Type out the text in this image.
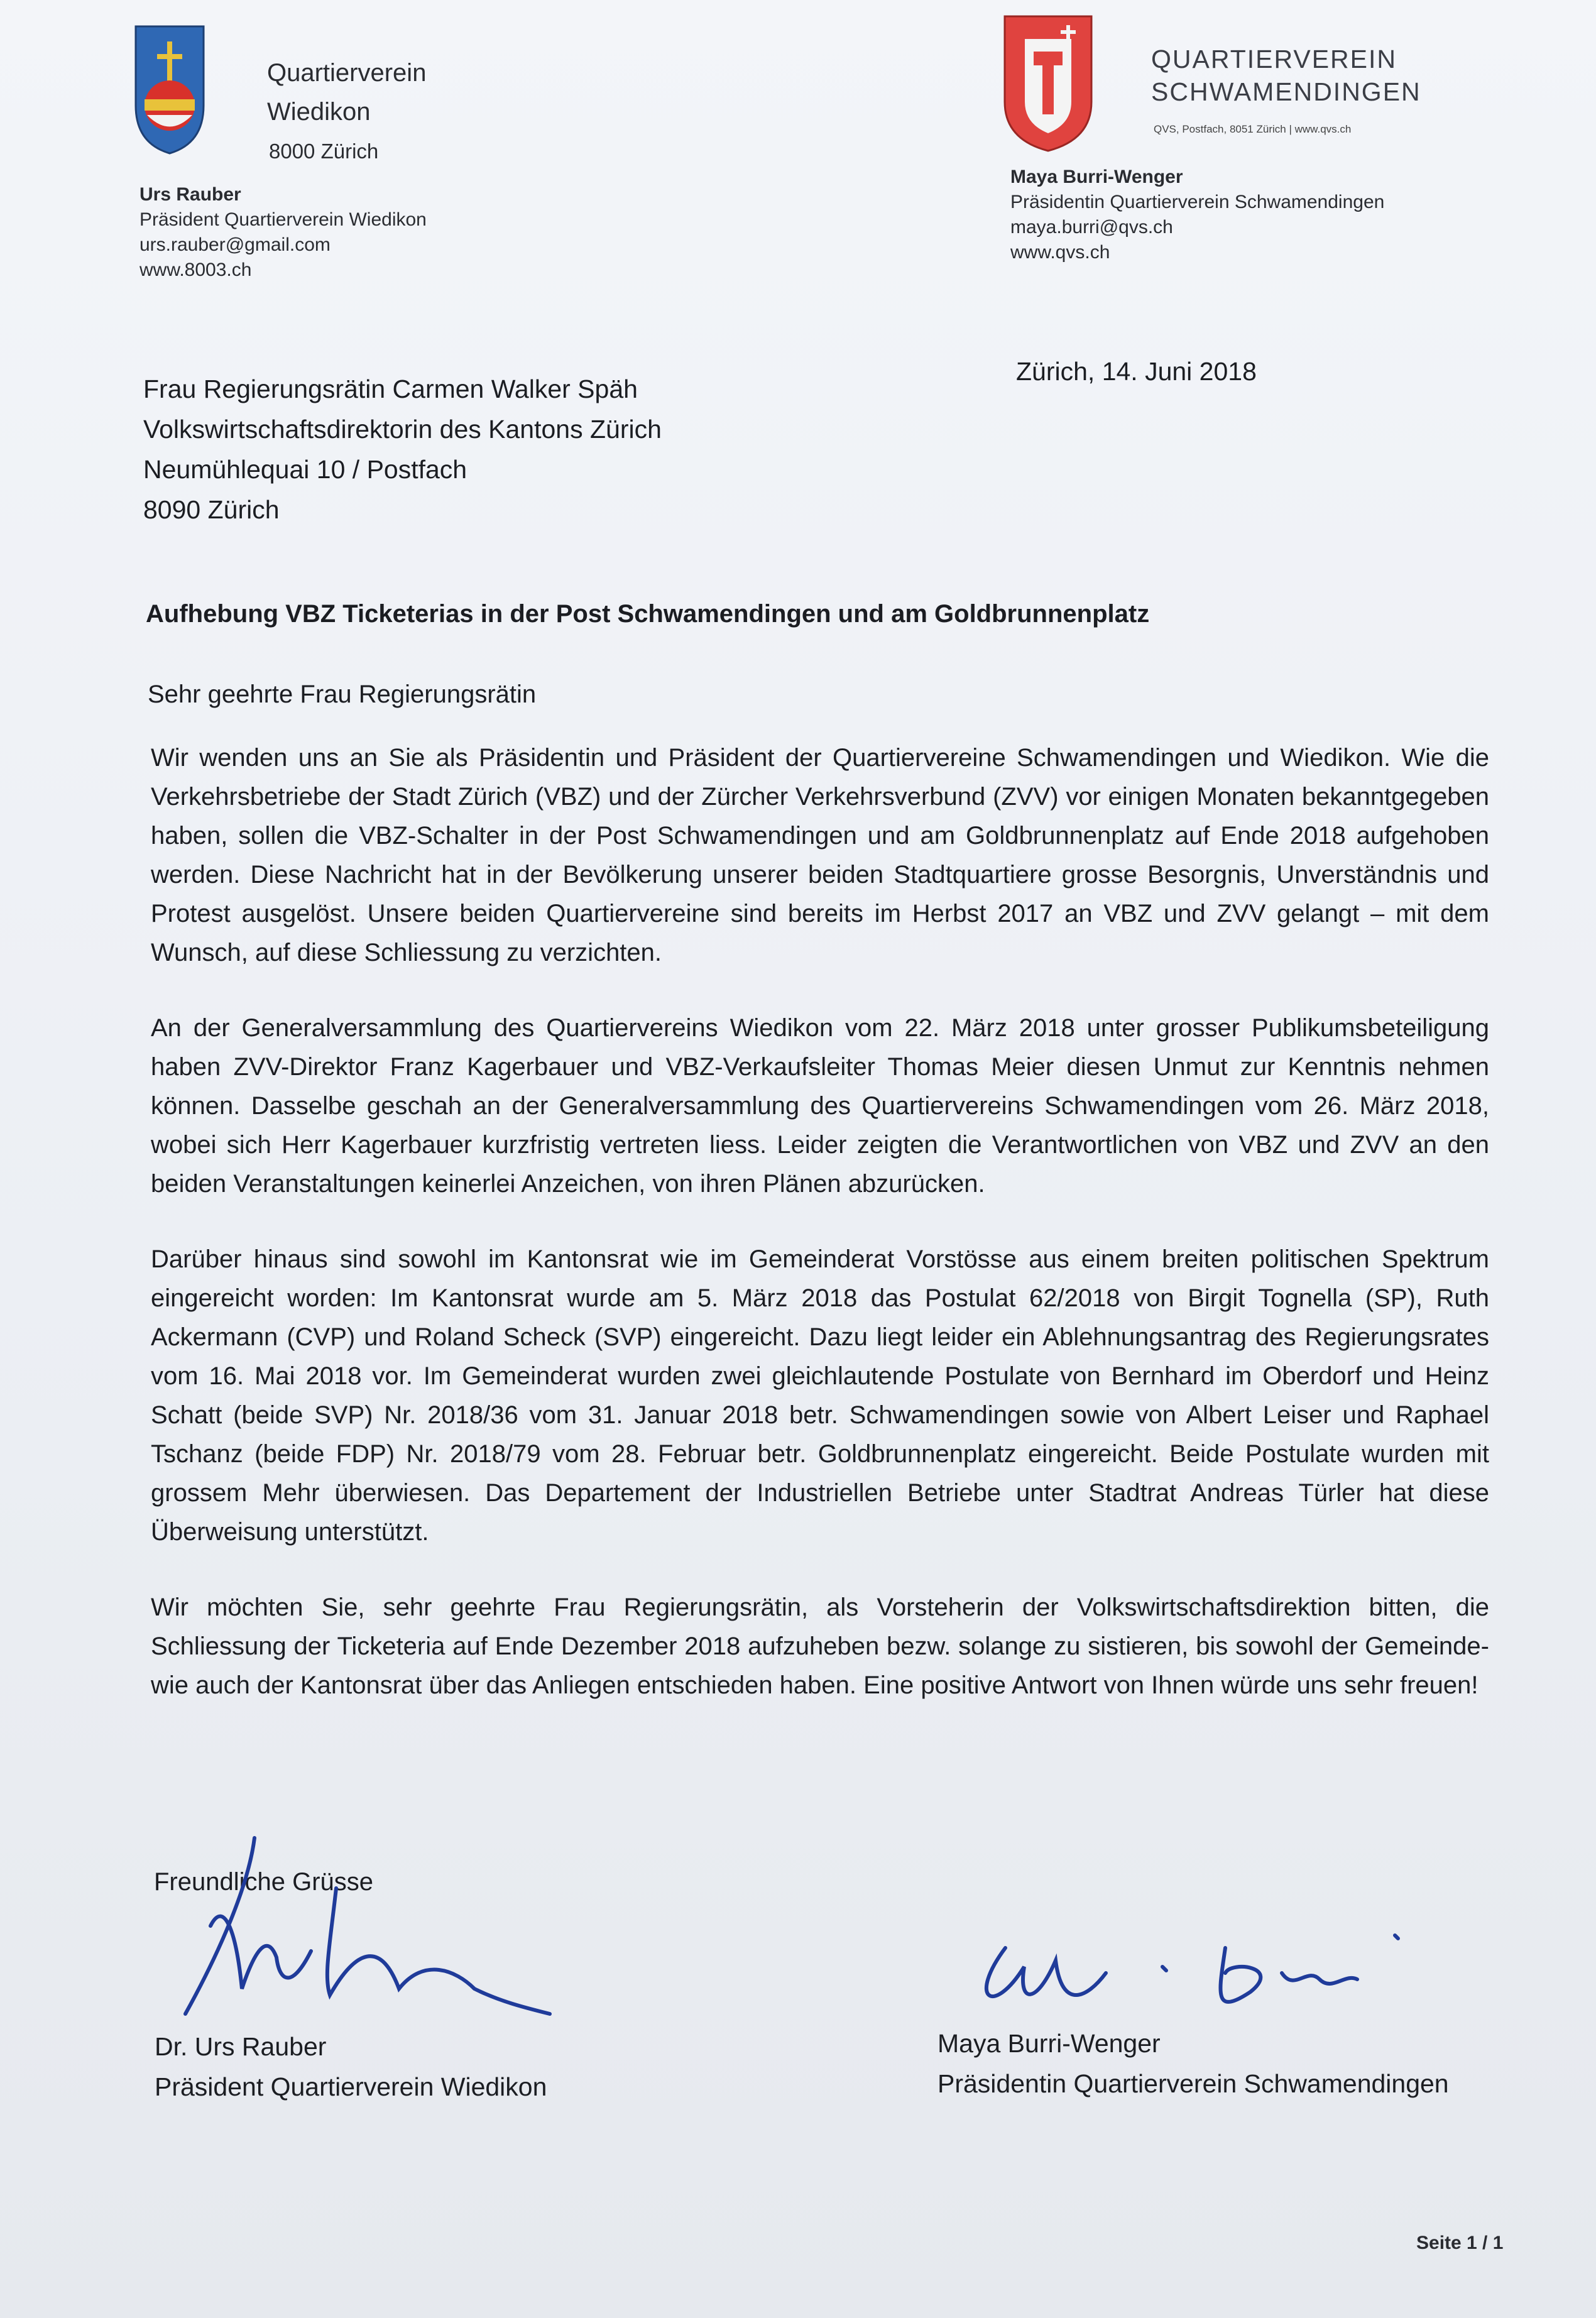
Quartierverein
Wiedikon
8000 Zürich
Urs Rauber
Präsident Quartierverein Wiedikon
urs.rauber@gmail.com
www.8003.ch
QUARTIERVEREIN
SCHWAMENDINGEN
QVS, Postfach, 8051 Zürich | www.qvs.ch
Maya Burri-Wenger
Präsidentin Quartierverein Schwamendingen
maya.burri@qvs.ch
www.qvs.ch
Frau Regierungsrätin Carmen Walker Späh
Volkswirtschaftsdirektorin des Kantons Zürich
Neumühlequai 10 / Postfach
8090 Zürich
Zürich, 14. Juni 2018
Aufhebung VBZ Ticketerias in der Post Schwamendingen und am Goldbrunnenplatz
Sehr geehrte Frau Regierungsrätin

Wir wenden uns an Sie als Präsidentin und Präsident der Quartiervereine Schwamendingen und Wiedikon. Wie die Verkehrsbetriebe der Stadt Zürich (VBZ) und der Zürcher Verkehrsverbund (ZVV) vor einigen Monaten bekanntgegeben haben, sollen die VBZ-Schalter in der Post Schwamendingen und am Goldbrunnenplatz auf Ende 2018 aufgehoben werden. Diese Nachricht hat in der Bevölkerung unserer beiden Stadtquartiere grosse Besorgnis, Unverständnis und Protest ausgelöst. Unsere beiden Quartiervereine sind bereits im Herbst 2017 an VBZ und ZVV gelangt – mit dem Wunsch, auf diese Schliessung zu verzichten.

An der Generalversammlung des Quartiervereins Wiedikon vom 22. März 2018 unter grosser Publikumsbeteiligung haben ZVV-Direktor Franz Kagerbauer und VBZ-Verkaufsleiter Thomas Meier diesen Unmut zur Kenntnis nehmen können. Dasselbe geschah an der Generalversammlung des Quartiervereins Schwamendingen vom 26. März 2018, wobei sich Herr Kagerbauer kurzfristig vertreten liess. Leider zeigten die Verantwortlichen von VBZ und ZVV an den beiden Veranstaltungen keinerlei Anzeichen, von ihren Plänen abzurücken.

Darüber hinaus sind sowohl im Kantonsrat wie im Gemeinderat Vorstösse aus einem breiten politischen Spektrum eingereicht worden: Im Kantonsrat wurde am 5. März 2018 das Postulat 62/2018 von Birgit Tognella (SP), Ruth Ackermann (CVP) und Roland Scheck (SVP) eingereicht. Dazu liegt leider ein Ablehnungsantrag des Regierungsrates vom 16. Mai 2018 vor. Im Gemeinderat wurden zwei gleichlautende Postulate von Bernhard im Oberdorf und Heinz Schatt (beide SVP) Nr. 2018/36 vom 31. Januar 2018 betr. Schwamendingen sowie von Albert Leiser und Raphael Tschanz (beide FDP) Nr. 2018/79 vom 28. Februar betr. Goldbrunnenplatz eingereicht. Beide Postulate wurden mit grossem Mehr überwiesen. Das Departement der Industriellen Betriebe unter Stadtrat Andreas Türler hat diese Überweisung unterstützt.

Wir möchten Sie, sehr geehrte Frau Regierungsrätin, als Vorsteherin der Volkswirtschaftsdirektion bitten, die Schliessung der Ticketeria auf Ende Dezember 2018 aufzuheben bezw. solange zu sistieren, bis sowohl der Gemeinde- wie auch der Kantonsrat über das Anliegen entschieden haben. Eine positive Antwort von Ihnen würde uns sehr freuen!

Freundliche Grüsse
Dr. Urs Rauber
Präsident Quartierverein Wiedikon
Maya Burri-Wenger
Präsidentin Quartierverein Schwamendingen
Seite 1 / 1
